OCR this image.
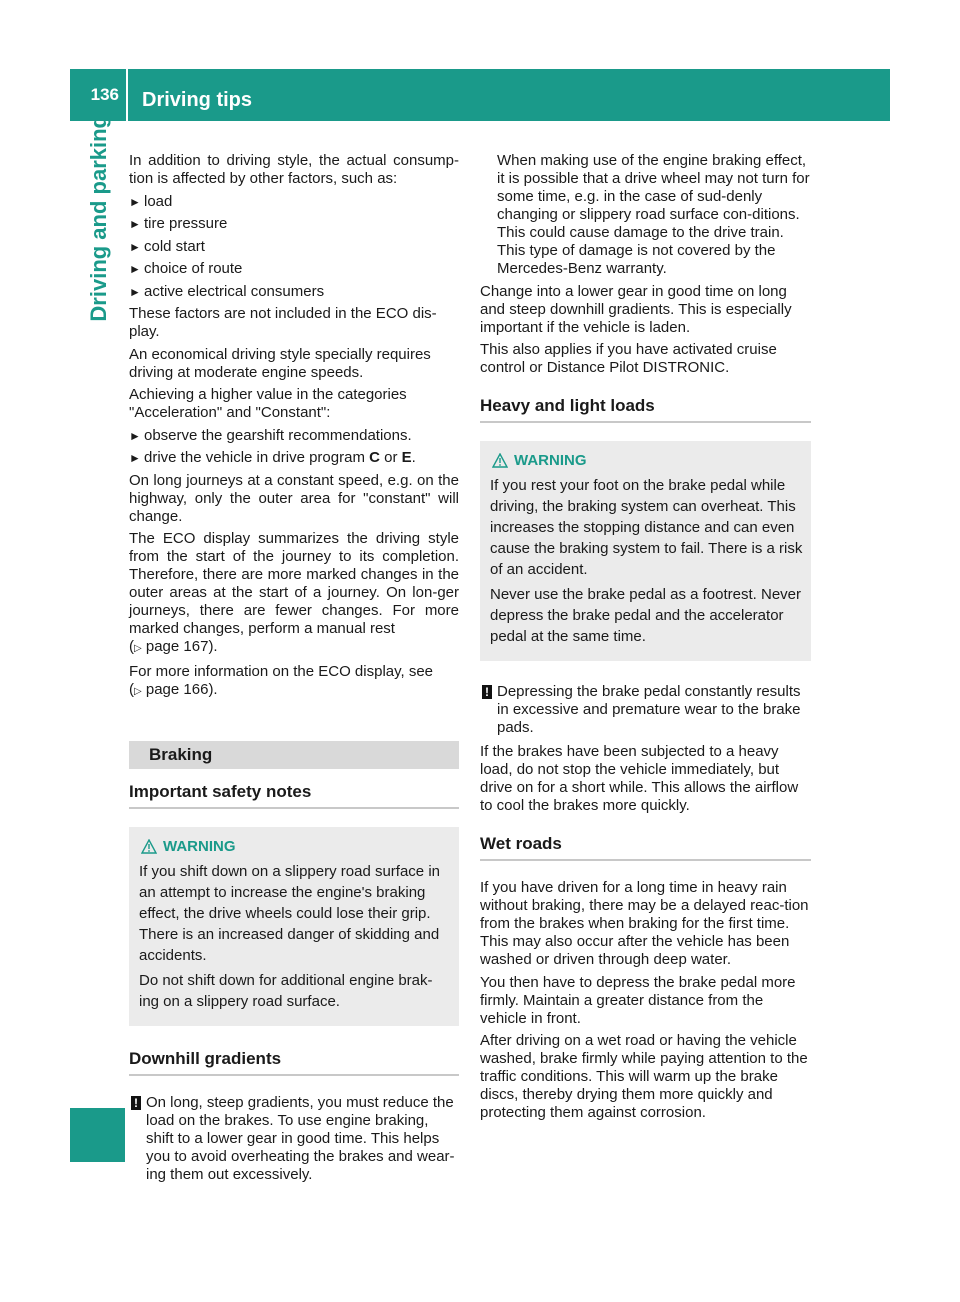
136	Driving tips
Driving and parking In addition to driving style, the actual consump-tion is affected by other factors, such as:

► load
► tire pressure
► cold start
► choice of route
► active electrical consumers

These factors are not included in the ECO dis-play.

An economical driving style specially requires driving at moderate engine speeds.

Achieving a higher value in the categories "Acceleration" and "Constant":

► observe the gearshift recommendations.
► drive the vehicle in drive program C or E.

On long journeys at a constant speed, e.g. on the highway, only the outer area for "constant" will change.

The ECO display summarizes the driving style from the start of the journey to its completion. Therefore, there are more marked changes in the outer areas at the start of a journey. On lon-ger journeys, there are fewer changes. For more marked changes, perform a manual rest
(▷ page 167).

For more information on the ECO display, see
(▷ page 166).

Braking
Important safety notes
WARNING

If you shift down on a slippery road surface in an attempt to increase the engine's braking effect, the drive wheels could lose their grip. There is an increased danger of skidding and accidents.

Do not shift down for additional engine brak-ing on a slippery road surface.

Downhill gradients
! On long, steep gradients, you must reduce the load on the brakes. To use engine braking, shift to a lower gear in good time. This helps you to avoid overheating the brakes and wear-ing them out excessively.

When making use of the engine braking effect, it is possible that a drive wheel may not turn for some time, e.g. in the case of sud-denly changing or slippery road surface con-ditions. This could cause damage to the drive train. This type of damage is not covered by the Mercedes-Benz warranty.

Change into a lower gear in good time on long and steep downhill gradients. This is especially important if the vehicle is laden.

This also applies if you have activated cruise control or Distance Pilot DISTRONIC.

Heavy and light loads
WARNING

If you rest your foot on the brake pedal while driving, the braking system can overheat. This increases the stopping distance and can even cause the braking system to fail. There is a risk of an accident.

Never use the brake pedal as a footrest. Never depress the brake pedal and the accelerator pedal at the same time.

! Depressing the brake pedal constantly results in excessive and premature wear to the brake pads.

If the brakes have been subjected to a heavy load, do not stop the vehicle immediately, but drive on for a short while. This allows the airflow to cool the brakes more quickly.

Wet roads

If you have driven for a long time in heavy rain without braking, there may be a delayed reac-tion from the brakes when braking for the first time. This may also occur after the vehicle has been washed or driven through deep water.

You then have to depress the brake pedal more firmly. Maintain a greater distance from the vehicle in front.

After driving on a wet road or having the vehicle washed, brake firmly while paying attention to the traffic conditions. This will warm up the brake discs, thereby drying them more quickly and protecting them against corrosion.
